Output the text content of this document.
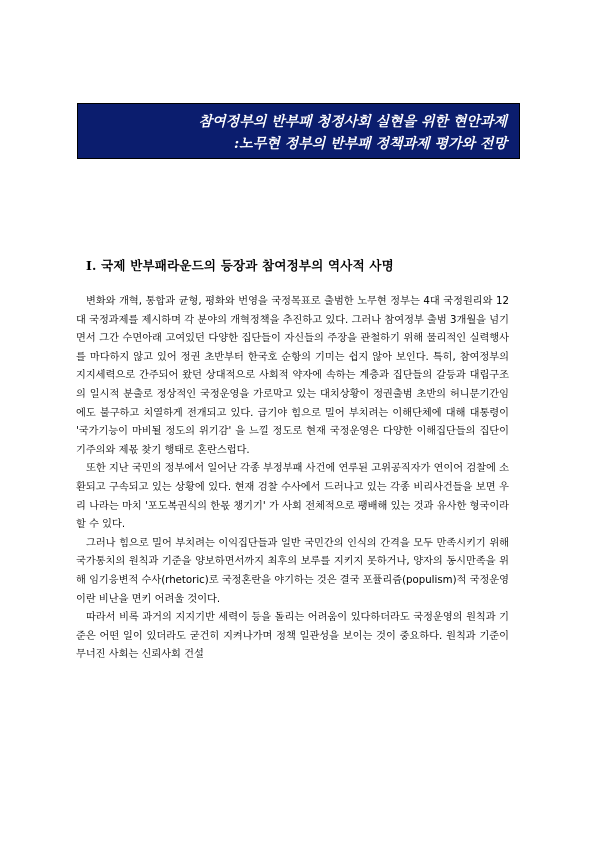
참여정부의 반부패 청정사회 실현을 위한 현안과제
:노무현 정부의 반부패 정책과제 평가와 전망
Ⅰ. 국제 반부패라운드의 등장과 참여정부의 역사적 사명

변화와 개혁, 통합과 균형, 평화와 번영을 국정목표로 출범한 노무현 정부는 4대 국정원리와 12대 국정과제를 제시하며 각 분야의 개혁정책을 추진하고 있다. 그러나 참여정부 출범 3개월을 넘기면서 그간 수면아래 고여있던 다양한 집단들이 자신들의 주장을 관철하기 위해 물리적인 실력행사를 마다하지 않고 있어 정권 초반부터 한국호 순항의 기미는 쉽지 않아 보인다. 특히, 참여정부의 지지세력으로 간주되어 왔던 상대적으로 사회적 약자에 속하는 계층과 집단들의 갈등과 대립구조의 일시적 분출로 정상적인 국정운영을 가로막고 있는 대치상황이 정권출범 초반의 허니문기간임에도 불구하고 치열하게 전개되고 있다. 급기야 힘으로 밀어 부치려는 이해단체에 대해 대통령이 '국가기능이 마비될 정도의 위기감' 을 느낄 정도로 현재 국정운영은 다양한 이해집단들의 집단이기주의와 제몫 찾기 행태로 혼란스럽다.

또한 지난 국민의 정부에서 일어난 각종 부정부패 사건에 연루된 고위공직자가 연이어 검찰에 소환되고 구속되고 있는 상황에 있다. 현재 검찰 수사에서 드러나고 있는 각종 비리사건들을 보면 우리 나라는 마치 '포도복권식의 한몫 챙기기' 가 사회 전체적으로 팽배해 있는 것과 유사한 형국이라 할 수 있다.

그러나 힘으로 밀어 부치려는 이익집단들과 일반 국민간의 인식의 간격을 모두 만족시키기 위해 국가통치의 원칙과 기준을 양보하면서까지 최후의 보루를 지키지 못하거나, 양자의 동시만족을 위해 임기응변적 수사(rhetoric)로 국정혼란을 야기하는 것은 결국 포퓰리즘(populism)적 국정운영이란 비난을 면키 어려울 것이다.

따라서 비록 과거의 지지기반 세력이 등을 돌리는 어려움이 있다하더라도 국정운영의 원칙과 기준은 어떤 일이 있더라도 굳건히 지켜나가며 정책 일관성을 보이는 것이 중요하다. 원칙과 기준이 무너진 사회는 신뢰사회 건설
